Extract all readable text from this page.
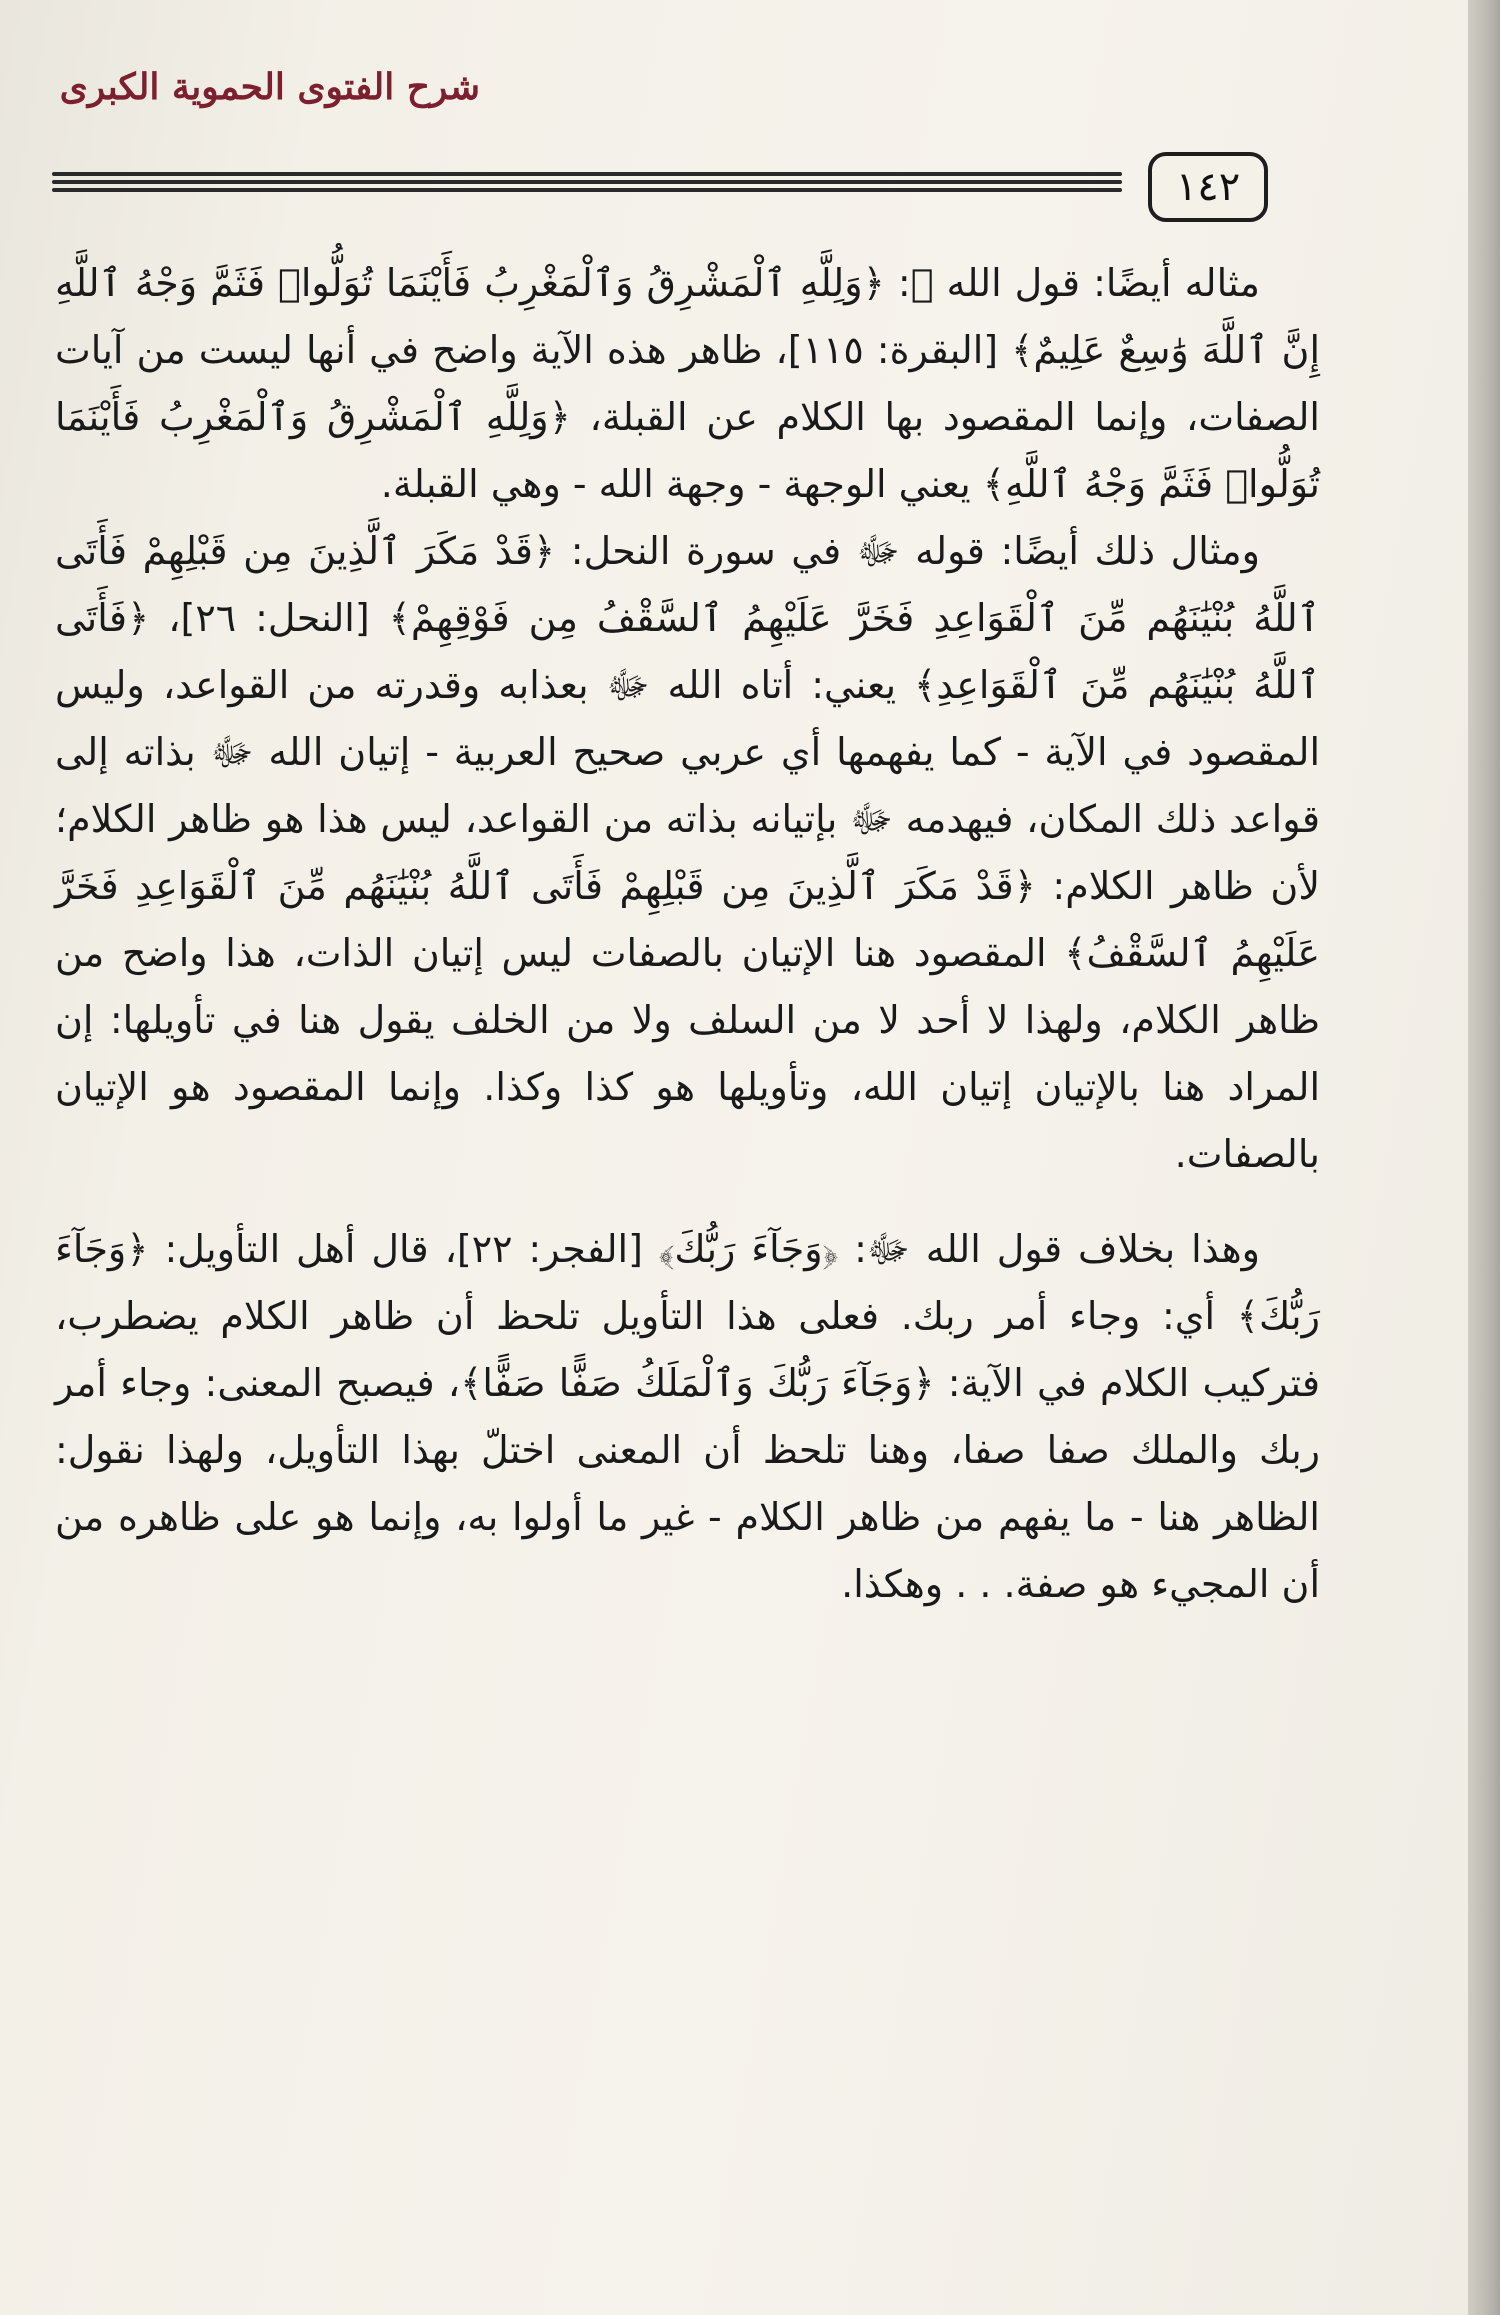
شرح الفتوى الحموية الكبرى
١٤٢

مثاله أيضًا: قول الله ﷻ: ﴿وَلِلَّهِ ٱلْمَشْرِقُ وَٱلْمَغْرِبُ فَأَيْنَمَا تُوَلُّوا۟ فَثَمَّ وَجْهُ ٱللَّهِ إِنَّ ٱللَّهَ وَٰسِعٌ عَلِيمٌ﴾ [البقرة: ١١٥]، ظاهر هذه الآية واضح في أنها ليست من آيات الصفات، وإنما المقصود بها الكلام عن القبلة، ﴿وَلِلَّهِ ٱلْمَشْرِقُ وَٱلْمَغْرِبُ فَأَيْنَمَا تُوَلُّوا۟ فَثَمَّ وَجْهُ ٱللَّهِ﴾ يعني الوجهة - وجهة الله - وهي القبلة.

ومثال ذلك أيضًا: قوله ﷻ في سورة النحل: ﴿قَدْ مَكَرَ ٱلَّذِينَ مِن قَبْلِهِمْ فَأَتَى ٱللَّهُ بُنْيَٰنَهُم مِّنَ ٱلْقَوَاعِدِ فَخَرَّ عَلَيْهِمُ ٱلسَّقْفُ مِن فَوْقِهِمْ﴾ [النحل: ٢٦]، ﴿فَأَتَى ٱللَّهُ بُنْيَٰنَهُم مِّنَ ٱلْقَوَاعِدِ﴾ يعني: أتاه الله ﷻ بعذابه وقدرته من القواعد، وليس المقصود في الآية - كما يفهمها أي عربي صحيح العربية - إتيان الله ﷻ بذاته إلى قواعد ذلك المكان، فيهدمه ﷻ بإتيانه بذاته من القواعد، ليس هذا هو ظاهر الكلام؛ لأن ظاهر الكلام: ﴿قَدْ مَكَرَ ٱلَّذِينَ مِن قَبْلِهِمْ فَأَتَى ٱللَّهُ بُنْيَٰنَهُم مِّنَ ٱلْقَوَاعِدِ فَخَرَّ عَلَيْهِمُ ٱلسَّقْفُ﴾ المقصود هنا الإتيان بالصفات ليس إتيان الذات، هذا واضح من ظاهر الكلام، ولهذا لا أحد لا من السلف ولا من الخلف يقول هنا في تأويلها: إن المراد هنا بالإتيان إتيان الله، وتأويلها هو كذا وكذا. وإنما المقصود هو الإتيان بالصفات.

وهذا بخلاف قول الله ﷻ: ﴿وَجَآءَ رَبُّكَ﴾ [الفجر: ٢٢]، قال أهل التأويل: ﴿وَجَآءَ رَبُّكَ﴾ أي: وجاء أمر ربك. فعلى هذا التأويل تلحظ أن ظاهر الكلام يضطرب، فتركيب الكلام في الآية: ﴿وَجَآءَ رَبُّكَ وَٱلْمَلَكُ صَفًّا صَفًّا﴾، فيصبح المعنى: وجاء أمر ربك والملك صفا صفا، وهنا تلحظ أن المعنى اختلّ بهذا التأويل، ولهذا نقول: الظاهر هنا - ما يفهم من ظاهر الكلام - غير ما أولوا به، وإنما هو على ظاهره من أن المجيء هو صفة. . . وهكذا.
